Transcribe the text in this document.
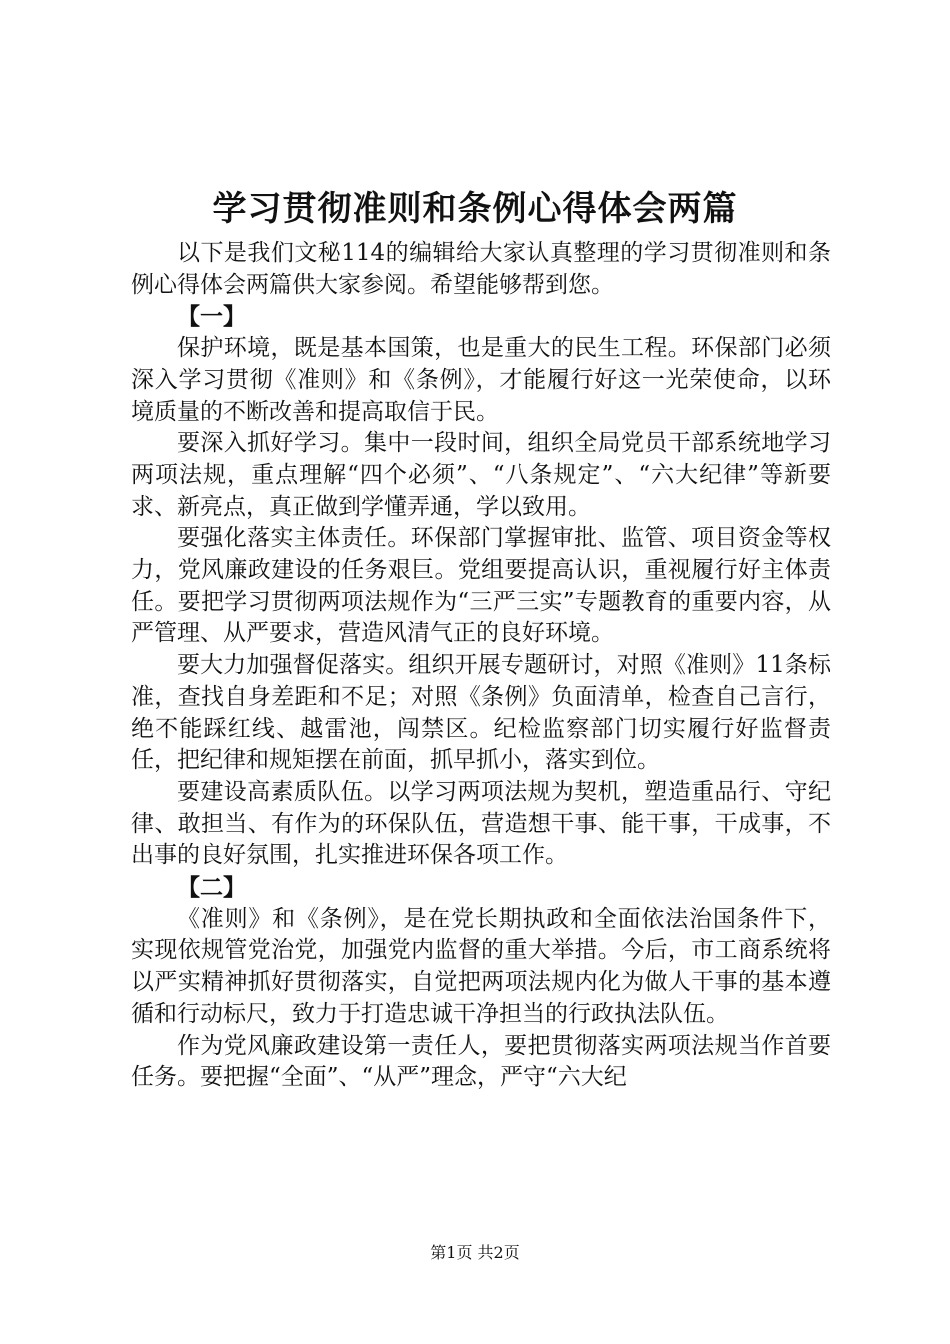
学习贯彻准则和条例心得体会两篇

以下是我们文秘114的编辑给大家认真整理的学习贯彻准则和条例心得体会两篇供大家参阅。希望能够帮到您。

【一】

保护环境，既是基本国策，也是重大的民生工程。环保部门必须深入学习贯彻《准则》和《条例》，才能履行好这一光荣使命，以环境质量的不断改善和提高取信于民。

要深入抓好学习。集中一段时间，组织全局党员干部系统地学习两项法规，重点理解“四个必须”、“八条规定”、“六大纪律”等新要求、新亮点，真正做到学懂弄通，学以致用。

要强化落实主体责任。环保部门掌握审批、监管、项目资金等权力，党风廉政建设的任务艰巨。党组要提高认识，重视履行好主体责任。要把学习贯彻两项法规作为“三严三实”专题教育的重要内容，从严管理、从严要求，营造风清气正的良好环境。

要大力加强督促落实。组织开展专题研讨，对照《准则》11条标准，查找自身差距和不足；对照《条例》负面清单，检查自己言行，绝不能踩红线、越雷池，闯禁区。纪检监察部门切实履行好监督责任，把纪律和规矩摆在前面，抓早抓小，落实到位。

要建设高素质队伍。以学习两项法规为契机，塑造重品行、守纪律、敢担当、有作为的环保队伍，营造想干事、能干事，干成事，不出事的良好氛围，扎实推进环保各项工作。

【二】

《准则》和《条例》，是在党长期执政和全面依法治国条件下，实现依规管党治党，加强党内监督的重大举措。今后，市工商系统将以严实精神抓好贯彻落实，自觉把两项法规内化为做人干事的基本遵循和行动标尺，致力于打造忠诚干净担当的行政执法队伍。

作为党风廉政建设第一责任人，要把贯彻落实两项法规当作首要任务。要把握“全面”、“从严”理念，严守“六大纪

第1页 共2页
